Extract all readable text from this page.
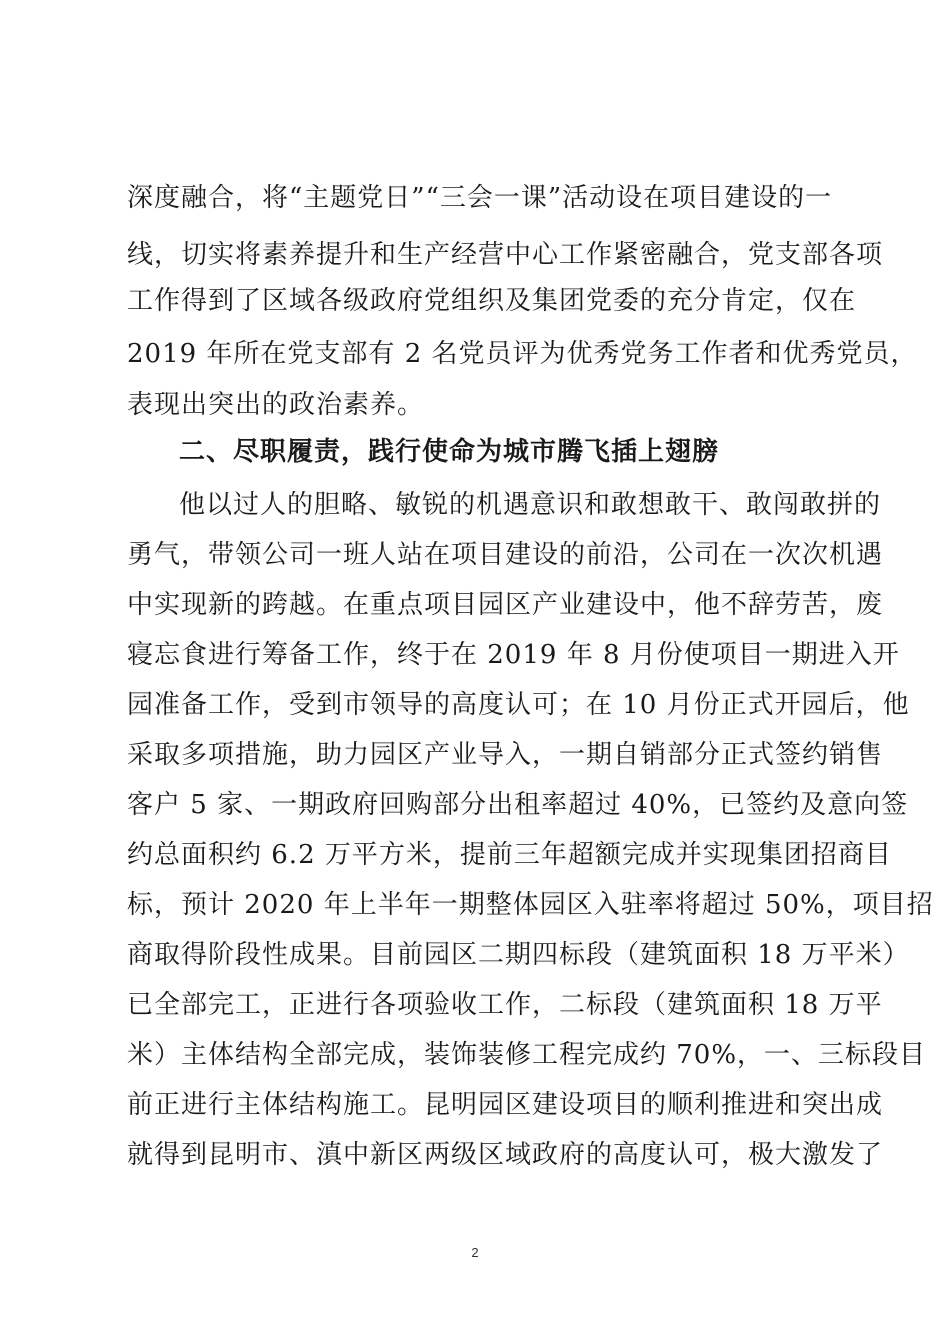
深度融合，将“主题党日”“三会一课”活动设在项目建设的一
线，切实将素养提升和生产经营中心工作紧密融合，党支部各项
工作得到了区域各级政府党组织及集团党委的充分肯定，仅在
2019 年所在党支部有 2 名党员评为优秀党务工作者和优秀党员，
表现出突出的政治素养。
二、尽职履责，践行使命为城市腾飞插上翅膀
他以过人的胆略、敏锐的机遇意识和敢想敢干、敢闯敢拼的
勇气，带领公司一班人站在项目建设的前沿，公司在一次次机遇
中实现新的跨越。在重点项目园区产业建设中，他不辞劳苦，废
寝忘食进行筹备工作，终于在 2019 年 8 月份使项目一期进入开
园准备工作，受到市领导的高度认可；在 10 月份正式开园后，他
采取多项措施，助力园区产业导入，一期自销部分正式签约销售
客户 5 家、一期政府回购部分出租率超过 40%，已签约及意向签
约总面积约 6.2 万平方米，提前三年超额完成并实现集团招商目
标，预计 2020 年上半年一期整体园区入驻率将超过 50%，项目招
商取得阶段性成果。目前园区二期四标段（建筑面积 18 万平米）
已全部完工，正进行各项验收工作，二标段（建筑面积 18 万平
米）主体结构全部完成，装饰装修工程完成约 70%，一、三标段目
前正进行主体结构施工。昆明园区建设项目的顺利推进和突出成
就得到昆明市、滇中新区两级区域政府的高度认可，极大激发了
2
